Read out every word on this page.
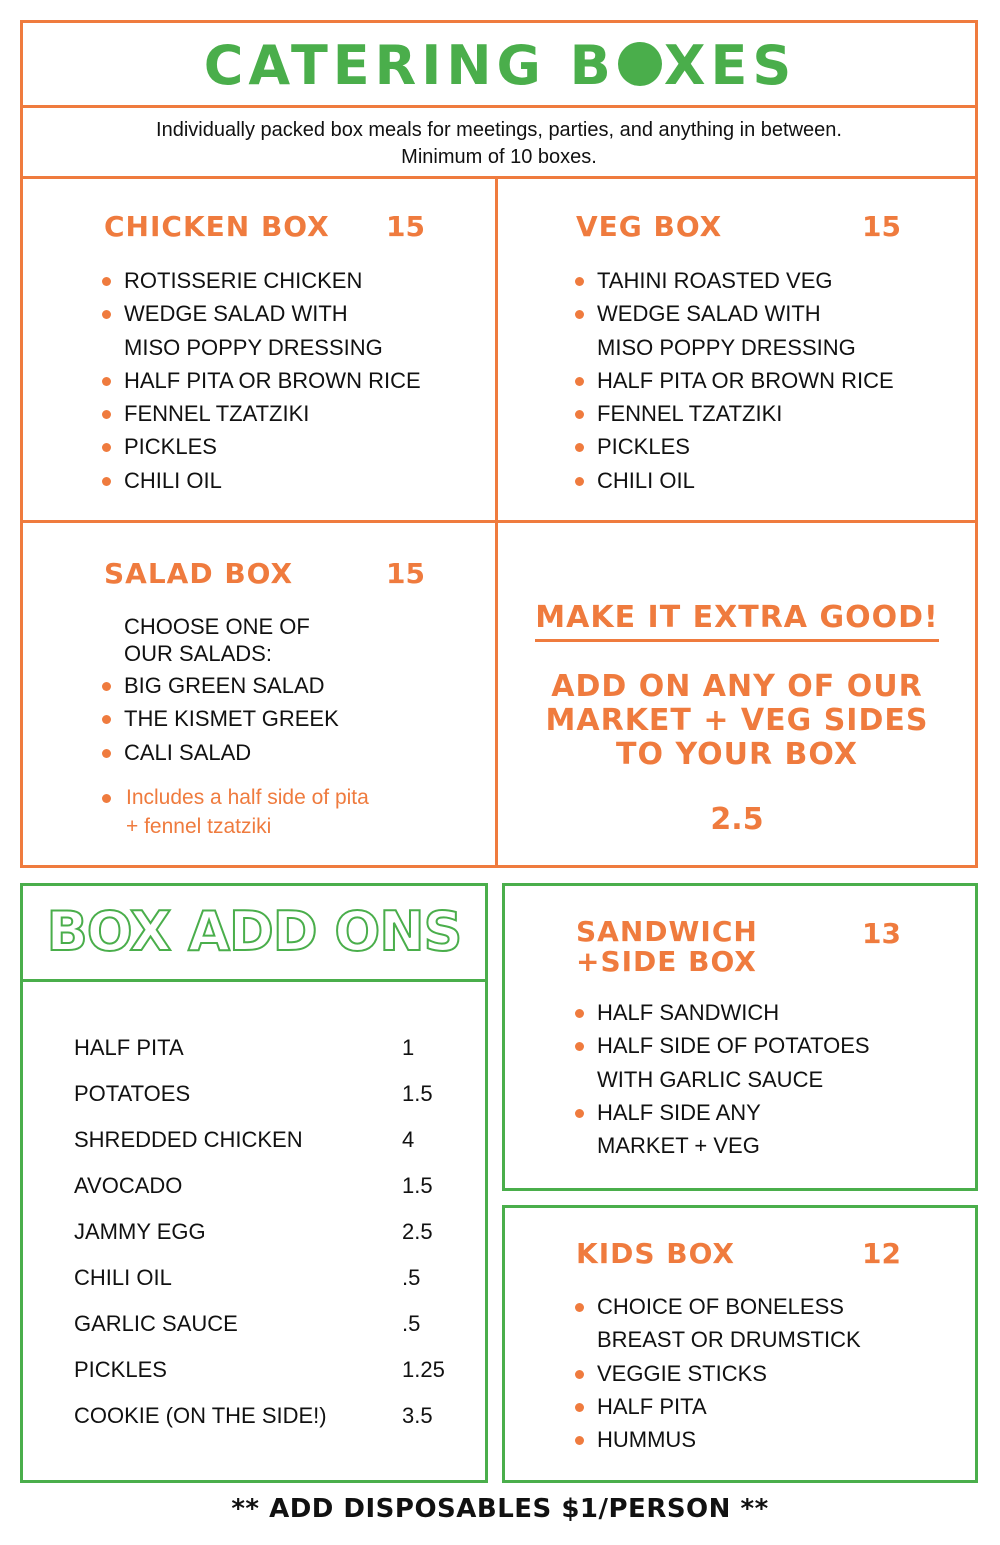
CATERING B XES
Individually packed box meals for meetings, parties, and anything in between.
Minimum of 10 boxes.
CHICKEN BOX 15
ROTISSERIE CHICKEN
WEDGE SALAD WITH
MISO POPPY DRESSING
HALF PITA OR BROWN RICE
FENNEL TZATZIKI
PICKLES
CHILI OIL
VEG BOX	15
TAHINI ROASTED VEG
WEDGE SALAD WITH
MISO POPPY DRESSING
HALF PITA OR BROWN RICE
FENNEL TZATZIKI
PICKLES
CHILI OIL
SALAD BOX	15
CHOOSE ONE OF
OUR SALADS:
BIG GREEN SALAD
THE KISMET GREEK
CALI SALAD
Includes a half side of pita
+ fennel tzatziki
MAKE IT EXTRA GOOD!
ADD ON ANY OF OUR
MARKET + VEG SIDES
TO YOUR BOX
2.5
BOX ADD ONS
HALF PITA	1
POTATOES	1.5
SHREDDED CHICKEN	4
AVOCADO	1.5
JAMMY EGG	2.5
CHILI OIL	.5
GARLIC SAUCE	.5
PICKLES	1.25
COOKIE (ON THE SIDE!)	3.5
SANDWICH
+SIDE BOX
13
HALF SANDWICH
HALF SIDE OF POTATOES
WITH GARLIC SAUCE
HALF SIDE ANY
MARKET + VEG
KIDS BOX	12
CHOICE OF BONELESS
BREAST OR DRUMSTICK
VEGGIE STICKS
HALF PITA
HUMMUS
** ADD DISPOSABLES $1/PERSON **
